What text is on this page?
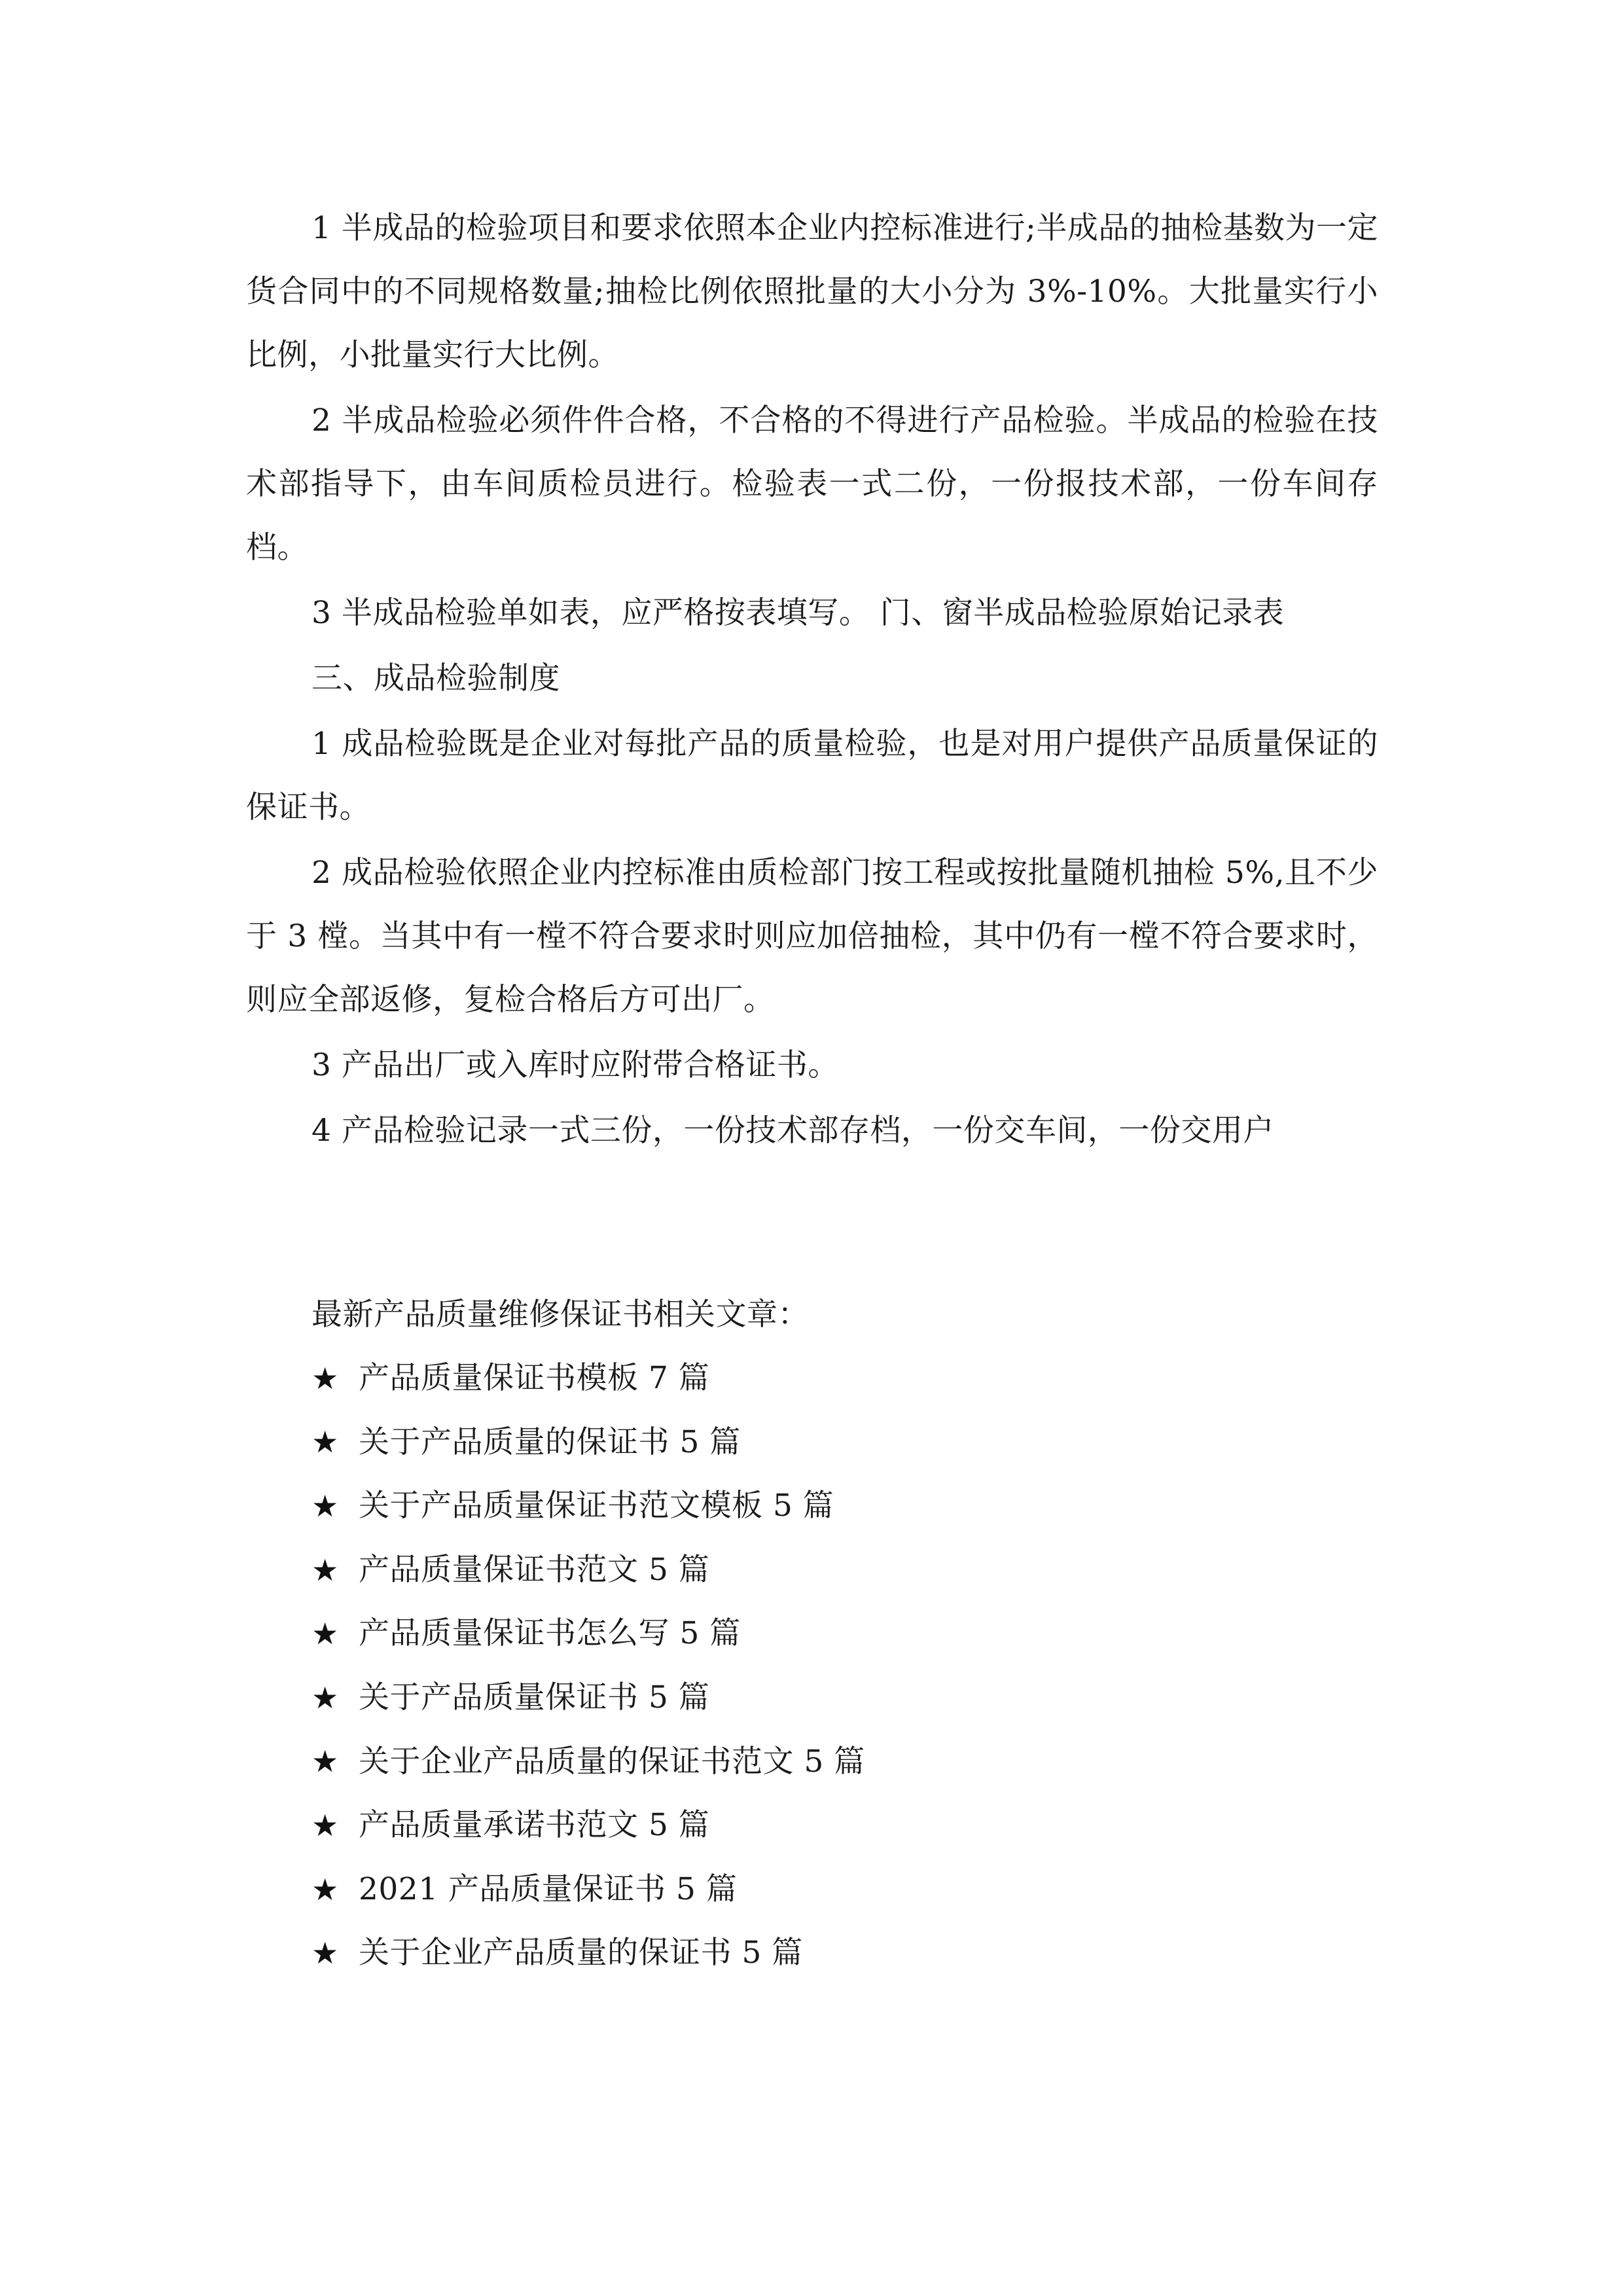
1 半成品的检验项目和要求依照本企业内控标准进行;半成品的抽检基数为一定货合同中的不同规格数量;抽检比例依照批量的大小分为 3%-10%。大批量实行小比例，小批量实行大比例。

2 半成品检验必须件件合格，不合格的不得进行产品检验。半成品的检验在技术部指导下，由车间质检员进行。检验表一式二份，一份报技术部，一份车间存档。

3 半成品检验单如表，应严格按表填写。 门、窗半成品检验原始记录表

三、成品检验制度

1 成品检验既是企业对每批产品的质量检验，也是对用户提供产品质量保证的保证书。

2 成品检验依照企业内控标准由质检部门按工程或按批量随机抽检 5%,且不少于 3 樘。当其中有一樘不符合要求时则应加倍抽检，其中仍有一樘不符合要求时，则应全部返修，复检合格后方可出厂。

3 产品出厂或入库时应附带合格证书。

4 产品检验记录一式三份，一份技术部存档，一份交车间，一份交用户

最新产品质量维修保证书相关文章：

★ 产品质量保证书模板 7 篇
★ 关于产品质量的保证书 5 篇
★ 关于产品质量保证书范文模板 5 篇
★ 产品质量保证书范文 5 篇
★ 产品质量保证书怎么写 5 篇
★ 关于产品质量保证书 5 篇
★ 关于企业产品质量的保证书范文 5 篇
★ 产品质量承诺书范文 5 篇
★ 2021 产品质量保证书 5 篇
★ 关于企业产品质量的保证书 5 篇
